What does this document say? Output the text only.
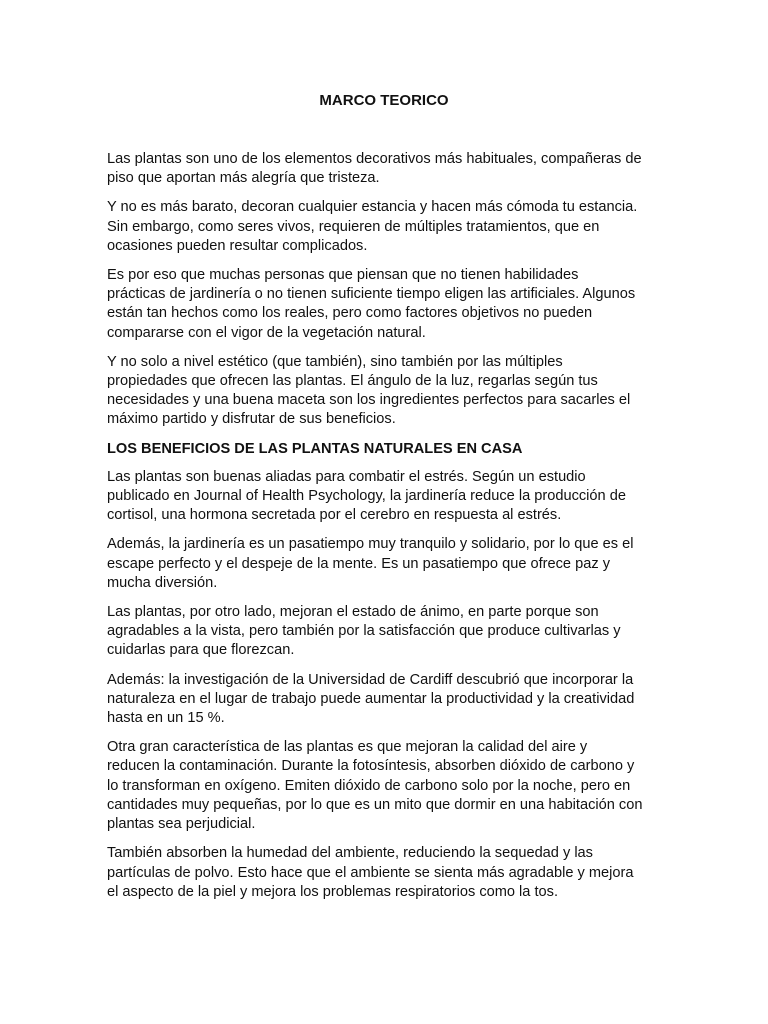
MARCO TEORICO

Las plantas son uno de los elementos decorativos más habituales, compañeras de
piso que aportan más alegría que tristeza.

Y no es más barato, decoran cualquier estancia y hacen más cómoda tu estancia.
Sin embargo, como seres vivos, requieren de múltiples tratamientos, que en
ocasiones pueden resultar complicados.

Es por eso que muchas personas que piensan que no tienen habilidades
prácticas de jardinería o no tienen suficiente tiempo eligen las artificiales. Algunos
están tan hechos como los reales, pero como factores objetivos no pueden
compararse con el vigor de la vegetación natural.

Y no solo a nivel estético (que también), sino también por las múltiples
propiedades que ofrecen las plantas. El ángulo de la luz, regarlas según tus
necesidades y una buena maceta son los ingredientes perfectos para sacarles el
máximo partido y disfrutar de sus beneficios.

LOS BENEFICIOS DE LAS PLANTAS NATURALES EN CASA

Las plantas son buenas aliadas para combatir el estrés. Según un estudio
publicado en Journal of Health Psychology, la jardinería reduce la producción de
cortisol, una hormona secretada por el cerebro en respuesta al estrés.

Además, la jardinería es un pasatiempo muy tranquilo y solidario, por lo que es el
escape perfecto y el despeje de la mente. Es un pasatiempo que ofrece paz y
mucha diversión.

Las plantas, por otro lado, mejoran el estado de ánimo, en parte porque son
agradables a la vista, pero también por la satisfacción que produce cultivarlas y
cuidarlas para que florezcan.

Además: la investigación de la Universidad de Cardiff descubrió que incorporar la
naturaleza en el lugar de trabajo puede aumentar la productividad y la creatividad
hasta en un 15 %.

Otra gran característica de las plantas es que mejoran la calidad del aire y
reducen la contaminación. Durante la fotosíntesis, absorben dióxido de carbono y
lo transforman en oxígeno. Emiten dióxido de carbono solo por la noche, pero en
cantidades muy pequeñas, por lo que es un mito que dormir en una habitación con
plantas sea perjudicial.

También absorben la humedad del ambiente, reduciendo la sequedad y las
partículas de polvo. Esto hace que el ambiente se sienta más agradable y mejora
el aspecto de la piel y mejora los problemas respiratorios como la tos.
